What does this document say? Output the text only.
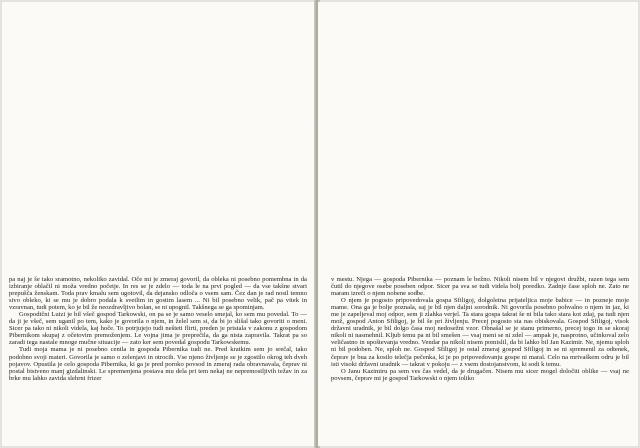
pa naj je še tako sramotno, nekoliko zavidal. Oče mi je zmeraj govoril, da obleka ni posebno pomembna in da izbiranje oblačil ni moža vredno početje. In res se je zdelo — toda le na prvi pogled — da vse takšne stvari prepušča ženskam. Toda prav kmalu sem ugotovil, da dejansko odloča o vsem sam. Čez dan je rad nosil temno sivo obleko, ki se mu je dobro podala k svetlim in gostim lasem ... Ni bil posebno velik, pač pa vitek in vzravnan, tudi potem, ko je bil že neozdravljivo bolan, se ni upognil. Takšnega se ga spominjam.

Gospodični Luizi je bil všeč gospod Tarkowski, on pa se je samo veselo smejal, ko sem mu povedal. To — da ji je všeč, sem uganil po tem, kako je govorila o njem, in želel sem si, da bi jo slišal tako govoriti o meni. Sicer pa tako ni nikoli videla, kaj hoče. To potrjujejo tudi nešteti flirti, preden je pristala v zakonu z gospodom Pibernikom skupaj z očetovim premoženjem. Le vojna jima je preprečila, da ga nista zapravila. Takrat pa so zaradi tega nastale mnoge mučne situacije — zato ker sem povedal gospodu Tarkowskemu.

Tudi moja mama je ni posebno cenila in gospoda Pibernika tudi ne. Pred kratkim sem jo srečal, tako podobno svoji materi. Govorila je samo o zelenjavi in otrocih. Vse njeno življenje se je zgostilo okrog teh dveh pojavov. Opustila je celo gospoda Pibernika, ki ga je pred poroko povsod in zmeraj rada obravnavala, čeprav ni postal bistveno manj gizdalinski. Le spremenjena postava mu dela pri tem nekaj ne nepremostljivih težav in za brke mu lahko zavida slehrni frizer

v mestu. Njega — gospoda Pibernika — poznam le bežno. Nikoli nisem bil v njegovi družbi, razen tega sem čutil do njegove osebe poseben odpor. Sicer pa sva se tudi videla bolj poredko. Zadnje čase sploh ne. Zato ne maram izreči o njem nobene sodbe.

O njem je pogosto pripovedovala gospa Sfiligoj, dolgoletna prijateljica moje babice — in pozneje moje mame. Ona ga je bolje poznala, saj je bil njen daljni sorodnik. Ni govorila posebno pohvalno o njem in jaz, ki me je zapeljeval moj odpor, sem ji zlahka verjel. Ta stara gospa takrat še ni bila tako stara kot zdaj, pa tudi njen mož, gospod Anton Sfiligoj, je bil še pri življenju. Precej pogosto sta nas obiskovala. Gospod Sfiligoj, visok državni uradnik, je bil dolgo časa moj nedosežni vzor. Obnašal se je stanu primerno, precej togo in se skoraj nikoli ni nasmehnil. Kljub temu pa ni bil smešen — vsaj meni se ni zdel — ampak je, nasprotno, učinkoval zelo veličastno in upoštevanja vredno. Vendar pa nikoli nisem pomislil, da bi lahko bil Jan Kazimir. Ne, njemu sploh ni bil podoben. Ne, sploh ne. Gospod Sfiligoj je ostal zmeraj gospod Sfiligoj in se ni spremenil za odtenek, čeprav je bua za kosilo telečja pečenka, ki je po pripovedovanju gospe ni maral. Celo na mrtvaškem odru je bil isti visoki državni uradnik — takrat v pokoju — z vsem dostojanstvom, ki sodi k temu.

O Janu Kazimiru pa sem ves čas vedel, da je drugačen. Nisem mu sicer mogel določiti oblike — vsaj ne povsem, čeprav mi je gospod Tarkowski o njem toliko
